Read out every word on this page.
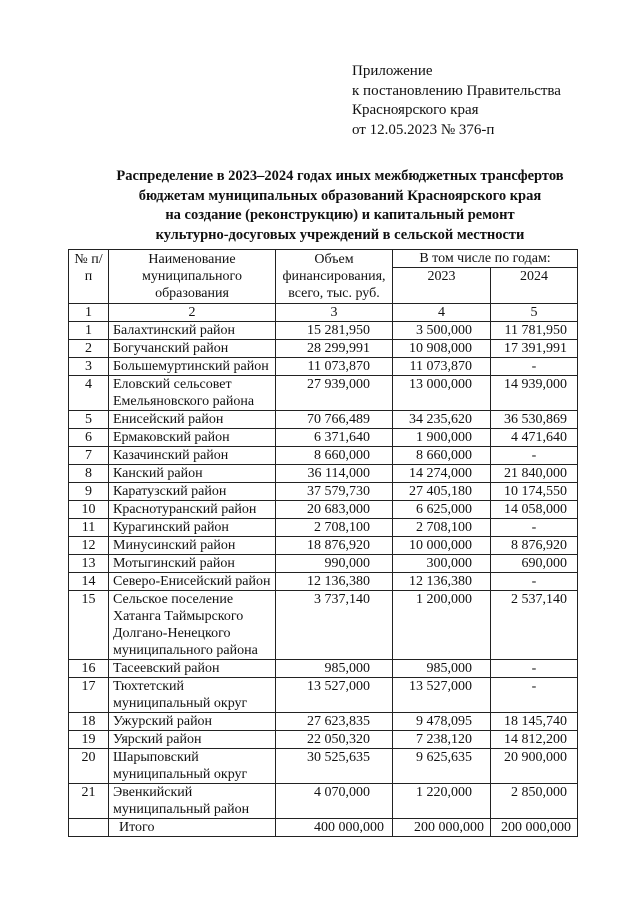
Приложение
к постановлению Правительства
Красноярского края
от 12.05.2023 № 376-п
Распределение в 2023–2024 годах иных межбюджетных трансфертов
бюджетам муниципальных образований Красноярского края
на создание (реконструкцию) и капитальный ремонт
культурно-досуговых учреждений в сельской местности
№ п/п	Наименование муниципального образования	Объем финансирования, всего, тыс. руб.	В том числе по годам:	
			2023	2024
1	2	3	4	5
1	Балахтинский район	15 281,950	3 500,000	11 781,950
2	Богучанский район	28 299,991	10 908,000	17 391,991
3	Большемуртинский район	11 073,870	11 073,870	-
4	Еловский сельсовет Емельяновского района	27 939,000	13 000,000	14 939,000
5	Енисейский район	70 766,489	34 235,620	36 530,869
6	Ермаковский район	6 371,640	1 900,000	4 471,640
7	Казачинский район	8 660,000	8 660,000	-
8	Канский район	36 114,000	14 274,000	21 840,000
9	Каратузский район	37 579,730	27 405,180	10 174,550
10	Краснотуранский район	20 683,000	6 625,000	14 058,000
11	Курагинский район	2 708,100	2 708,100	-
12	Минусинский район	18 876,920	10 000,000	8 876,920
13	Мотыгинский район	990,000	300,000	690,000
14	Северо-Енисейский район	12 136,380	12 136,380	-
15	Сельское поселение Хатанга Таймырского Долгано-Ненецкого муниципального района	3 737,140	1 200,000	2 537,140
16	Тасеевский район	985,000	985,000	-
17	Тюхтетский муниципальный округ	13 527,000	13 527,000	-
18	Ужурский район	27 623,835	9 478,095	18 145,740
19	Уярский район	22 050,320	7 238,120	14 812,200
20	Шарыповский муниципальный округ	30 525,635	9 625,635	20 900,000
21	Эвенкийский муниципальный район	4 070,000	1 220,000	2 850,000
	Итого	400 000,000	200 000,000	200 000,000
